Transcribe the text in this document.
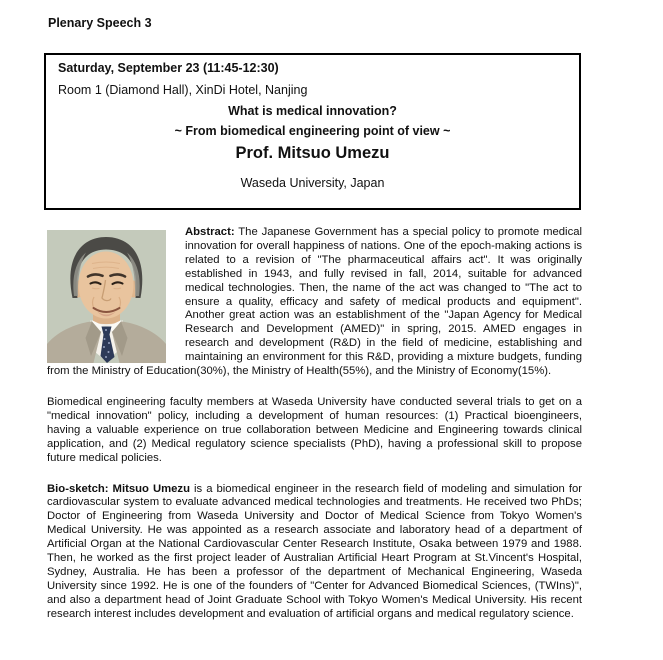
Plenary Speech 3
Saturday, September 23 (11:45-12:30)
Room 1 (Diamond Hall), XinDi Hotel, Nanjing
What is medical innovation?
~ From biomedical engineering point of view ~
Prof. Mitsuo Umezu
Waseda University, Japan

Abstract: The Japanese Government has a special policy to promote medical innovation for overall happiness of nations. One of the epoch-making actions is related to a revision of "The pharmaceutical affairs act". It was originally established in 1943, and fully revised in fall, 2014, suitable for advanced medical technologies. Then, the name of the act was changed to "The act to ensure a quality, efficacy and safety of medical products and equipment". Another great action was an establishment of the "Japan Agency for Medical Research and Development (AMED)" in spring, 2015. AMED engages in research and development (R&D) in the field of medicine, establishing and maintaining an environment for this R&D, providing a mixture budgets, funding from the Ministry of Education(30%), the Ministry of Health(55%), and the Ministry of Economy(15%).

Biomedical engineering faculty members at Waseda University have conducted several trials to get on a "medical innovation" policy, including a development of human resources: (1) Practical bioengineers, having a valuable experience on true collaboration between Medicine and Engineering towards clinical application, and (2) Medical regulatory science specialists (PhD), having a professional skill to propose future medical policies.

Bio-sketch: Mitsuo Umezu is a biomedical engineer in the research field of modeling and simulation for cardiovascular system to evaluate advanced medical technologies and treatments. He received two PhDs; Doctor of Engineering from Waseda University and Doctor of Medical Science from Tokyo Women's Medical University. He was appointed as a research associate and laboratory head of a department of Artificial Organ at the National Cardiovascular Center Research Institute, Osaka between 1979 and 1988. Then, he worked as the first project leader of Australian Artificial Heart Program at St.Vincent's Hospital, Sydney, Australia. He has been a professor of the department of Mechanical Engineering, Waseda University since 1992. He is one of the founders of "Center for Advanced Biomedical Sciences, (TWIns)", and also a department head of Joint Graduate School with Tokyo Women's Medical University. His recent research interest includes development and evaluation of artificial organs and medical regulatory science.
